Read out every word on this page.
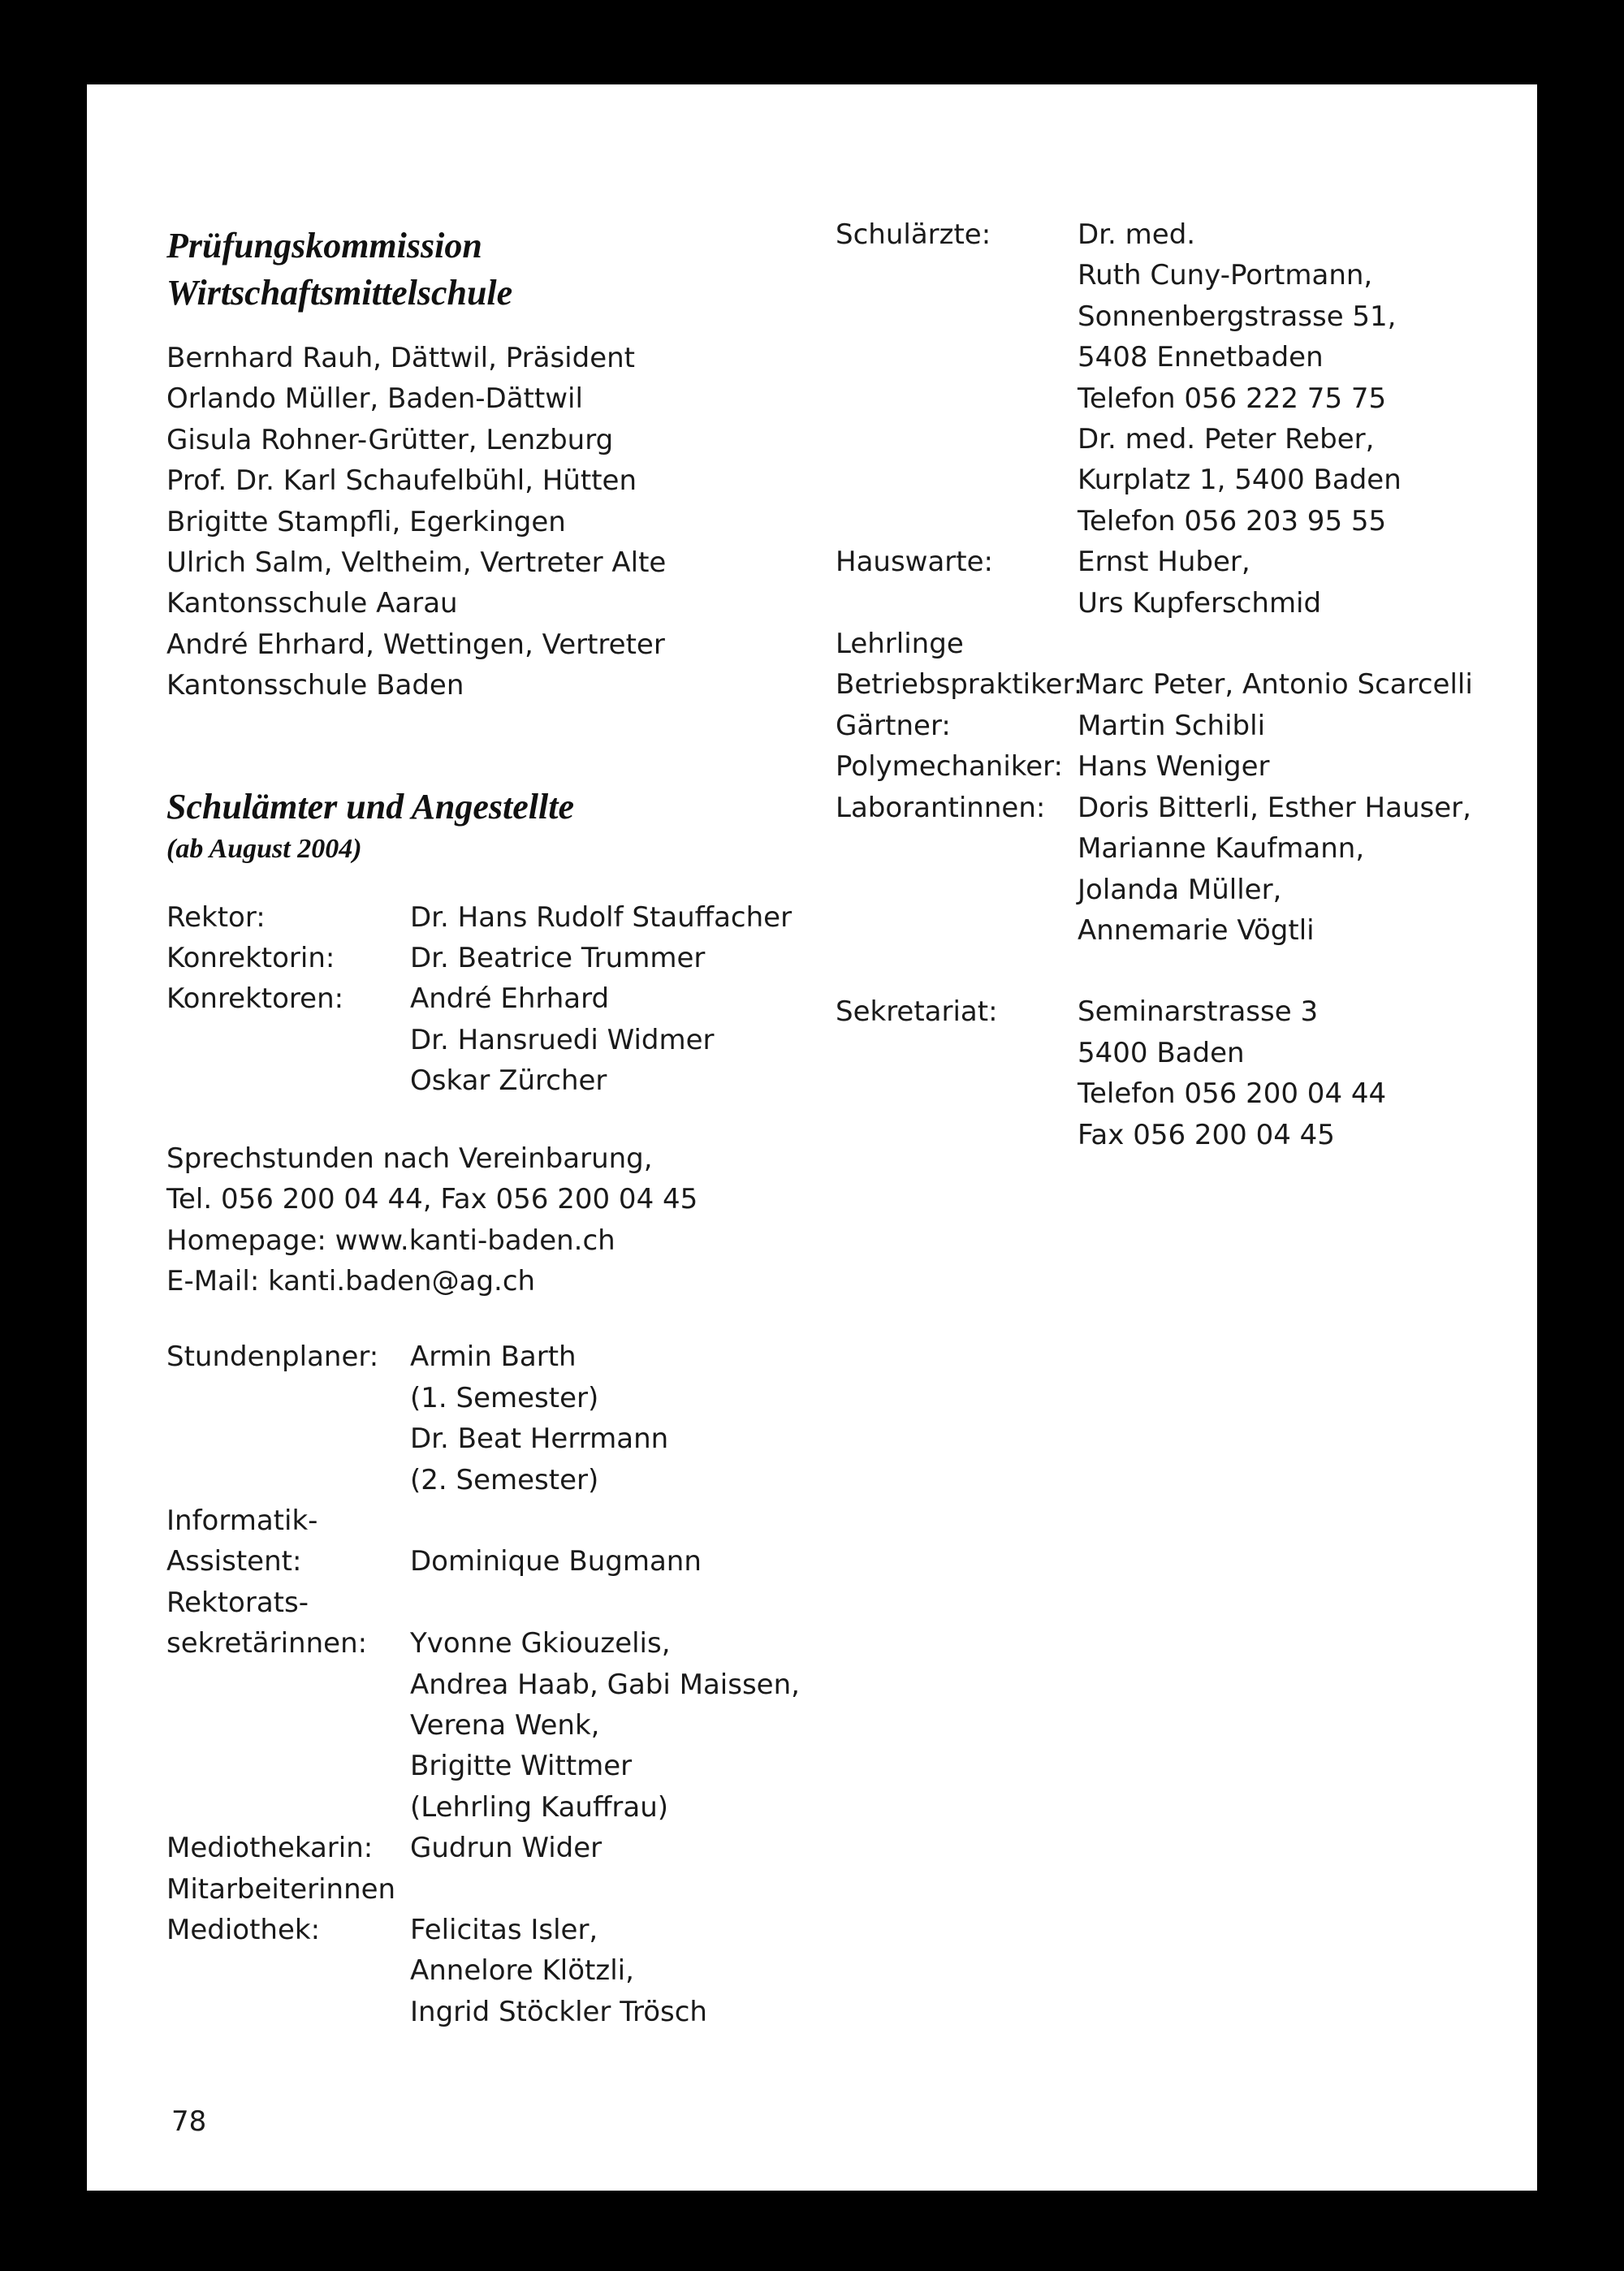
Prüfungskommission
Wirtschaftsmittelschule
Bernhard Rauh, Dättwil, Präsident
Orlando Müller, Baden-Dättwil
Gisula Rohner-Grütter, Lenzburg
Prof. Dr. Karl Schaufelbühl, Hütten
Brigitte Stampfli, Egerkingen
Ulrich Salm, Veltheim, Vertreter Alte
Kantonsschule Aarau
André Ehrhard, Wettingen, Vertreter
Kantonsschule Baden
Schulämter und Angestellte
(ab August 2004)
Rektor:	Dr. Hans Rudolf Stauffacher
Konrektorin:	Dr. Beatrice Trummer
Konrektoren: André Ehrhard
Dr. Hansruedi Widmer
Oskar Zürcher
Sprechstunden nach Vereinbarung,
Tel. 056 200 04 44, Fax 056 200 04 45
Homepage: www.kanti-baden.ch
E-Mail: kanti.baden@ag.ch
Stundenplaner: Armin Barth
(1. Semester)
Dr. Beat Herrmann
(2. Semester)
Informatik-
Assistent:
	Dominique Bugmann
Rektorats-
sekretärinnen:
Yvonne Gkiouzelis,
Andrea Haab, Gabi Maissen,
Verena Wenk,
Brigitte Wittmer
(Lehrling Kauffrau)
Mediothekarin: Gudrun Wider
Mitarbeiterinnen
Mediothek:
	Felicitas Isler,
Annelore Klötzli,
Ingrid Stöckler Trösch
Schulärzte:	Dr. med.
Ruth Cuny-Portmann,
Sonnenbergstrasse 51,
5408 Ennetbaden
Telefon 056 222 75 75
Dr. med. Peter Reber,
Kurplatz 1, 5400 Baden
Telefon 056 203 95 55
Hauswarte:	Ernst Huber,
Urs Kupferschmid
Lehrlinge
Betriebspraktiker:
Marc Peter, Antonio Scarcelli
Gärtner:	Martin Schibli
Polymechaniker: Hans Weniger
Laborantinnen: Doris Bitterli, Esther Hauser,
Marianne Kaufmann,
Jolanda Müller,
Annemarie Vögtli
Sekretariat:	Seminarstrasse 3
5400 Baden
Telefon 056 200 04 44
Fax 056 200 04 45
78
